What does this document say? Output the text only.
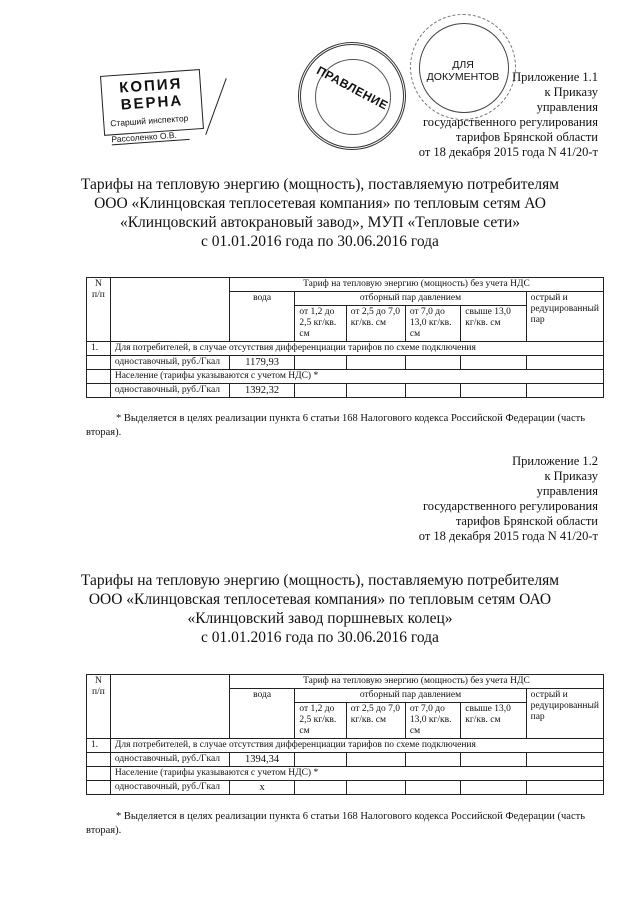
КОПИЯ ВЕРНА
Старший инспектор
Рассоленко О.В.
ПРАВЛЕНИЕ	ДЛЯ
ДОКУМЕНТОВ	Приложение 1.1
к Приказу
управления
государственного регулирования
тарифов Брянской области
от 18 декабря 2015 года N 41/20-т
Тарифы на тепловую энергию (мощность), поставляемую потребителям
ООО «Клинцовская теплосетевая компания» по тепловым сетям АО
«Клинцовский автокрановый завод», МУП «Тепловые сети»
с 01.01.2016 года по 30.06.2016 года
N п/п		Тариф на тепловую энергию (мощность) без учета НДС					
		вода	отборный пар давлением				острый и редуцированный пар
			от 1,2 до 2,5 кг/кв. см	от 2,5 до 7,0 кг/кв. см	от 7,0 до 13,0 кг/кв. см	свыше 13,0 кг/кв. см	
1.	Для потребителей, в случае отсутствия дифференциации тарифов по схеме подключения						
	одноставочный, руб./Гкал	1179,93					
	Население (тарифы указываются с учетом НДС) *						
	одноставочный, руб./Гкал	1392,32					
* Выделяется в целях реализации пункта 6 статьи 168 Налогового кодекса Российской Федерации (часть вторая).
Приложение 1.2
к Приказу
управления
государственного регулирования
тарифов Брянской области
от 18 декабря 2015 года N 41/20-т
Тарифы на тепловую энергию (мощность), поставляемую потребителям
ООО «Клинцовская теплосетевая компания» по тепловым сетям ОАО
«Клинцовский завод поршневых колец»
с 01.01.2016 года по 30.06.2016 года
N п/п		Тариф на тепловую энергию (мощность) без учета НДС					
		вода	отборный пар давлением				острый и редуцированный пар
			от 1,2 до 2,5 кг/кв. см	от 2,5 до 7,0 кг/кв. см	от 7,0 до 13,0 кг/кв. см	свыше 13,0 кг/кв. см	
1.	Для потребителей, в случае отсутствия дифференциации тарифов по схеме подключения						
	одноставочный, руб./Гкал	1394,34					
	Население (тарифы указываются с учетом НДС) *						
	одноставочный, руб./Гкал	x					
* Выделяется в целях реализации пункта 6 статьи 168 Налогового кодекса Российской Федерации (часть вторая).
